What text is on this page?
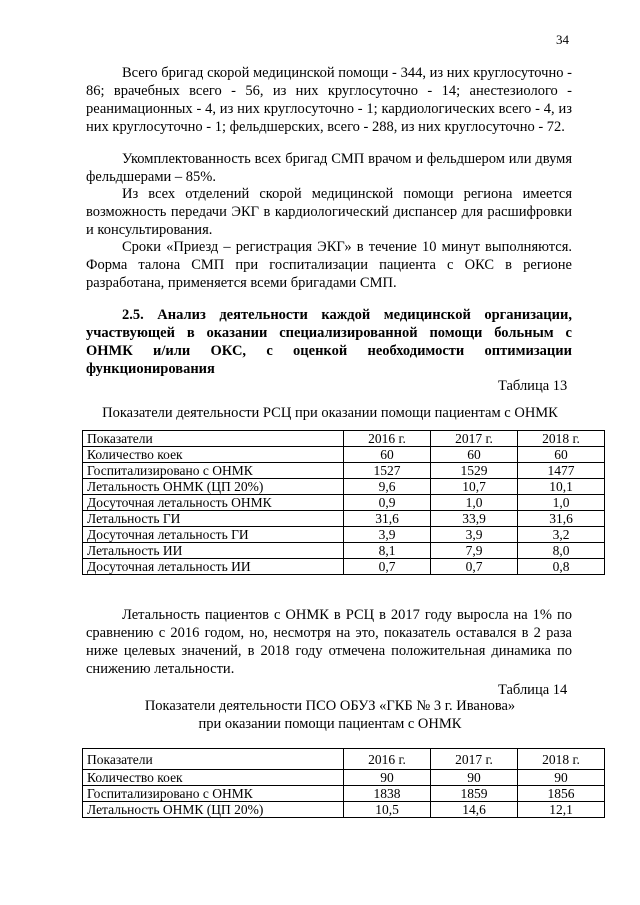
34

Всего бригад скорой медицинской помощи - 344, из них круглосуточно - 86; врачебных всего - 56, из них круглосуточно - 14; анестезиолого - реанимационных - 4, из них круглосуточно - 1; кардиологических всего - 4, из них круглосуточно - 1; фельдшерских, всего - 288, из них круглосуточно - 72.

Укомплектованность всех бригад СМП врачом и фельдшером или двумя фельдшерами – 85%.

Из всех отделений скорой медицинской помощи региона имеется возможность передачи ЭКГ в кардиологический диспансер для расшифровки и консультирования.

Сроки «Приезд – регистрация ЭКГ» в течение 10 минут выполняются. Форма талона СМП при госпитализации пациента с ОКС в регионе разработана, применяется всеми бригадами СМП.

2.5. Анализ деятельности каждой медицинской организации, участвующей в оказании специализированной помощи больным с ОНМК и/или ОКС, с оценкой необходимости оптимизации функционирования

Таблица 13
Показатели деятельности РСЦ при оказании помощи пациентам с ОНМК
Показатели	2016 г.	2017 г.	2018 г.
Количество коек	60	60	60
Госпитализировано с ОНМК	1527	1529	1477
Летальность ОНМК (ЦП 20%)	9,6	10,7	10,1
Досуточная летальность ОНМК	0,9	1,0	1,0
Летальность ГИ	31,6	33,9	31,6
Досуточная летальность ГИ	3,9	3,9	3,2
Летальность ИИ	8,1	7,9	8,0
Досуточная летальность ИИ	0,7	0,7	0,8

Летальность пациентов с ОНМК в РСЦ в 2017 году выросла на 1% по сравнению с 2016 годом, но, несмотря на это, показатель оставался в 2 раза ниже целевых значений, в 2018 году отмечена положительная динамика по снижению летальности.

Таблица 14
Показатели деятельности ПСО ОБУЗ «ГКБ № 3 г. Иванова»
при оказании помощи пациентам с ОНМК
Показатели	2016 г.	2017 г.	2018 г.
Количество коек	90	90	90
Госпитализировано с ОНМК	1838	1859	1856
Летальность ОНМК (ЦП 20%)	10,5	14,6	12,1
